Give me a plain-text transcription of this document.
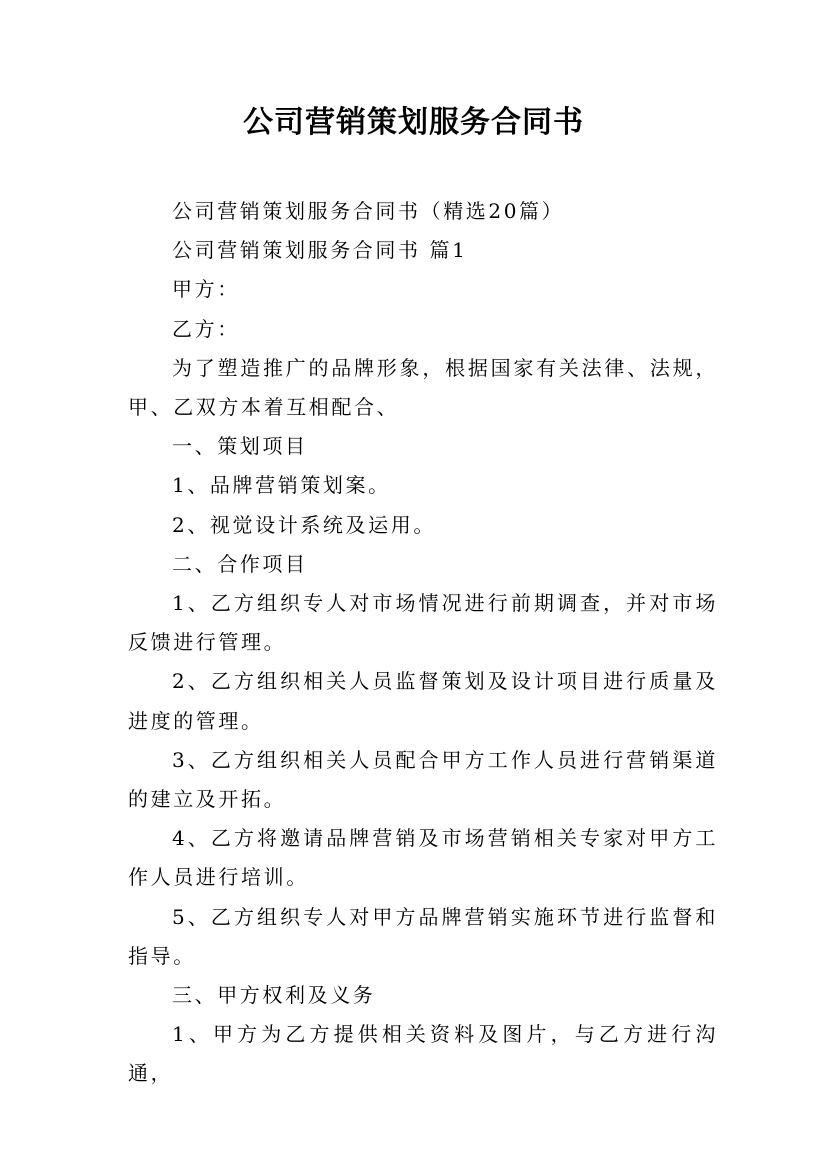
公司营销策划服务合同书

公司营销策划服务合同书（精选20篇）

公司营销策划服务合同书 篇1

甲方：

乙方：

为了塑造推广的品牌形象，根据国家有关法律、法规，甲、乙双方本着互相配合、

一、策划项目

1、品牌营销策划案。

2、视觉设计系统及运用。

二、合作项目

1、乙方组织专人对市场情况进行前期调查，并对市场反馈进行管理。

2、乙方组织相关人员监督策划及设计项目进行质量及进度的管理。

3、乙方组织相关人员配合甲方工作人员进行营销渠道的建立及开拓。

4、乙方将邀请品牌营销及市场营销相关专家对甲方工作人员进行培训。

5、乙方组织专人对甲方品牌营销实施环节进行监督和指导。

三、甲方权利及义务

1、甲方为乙方提供相关资料及图片，与乙方进行沟通，
